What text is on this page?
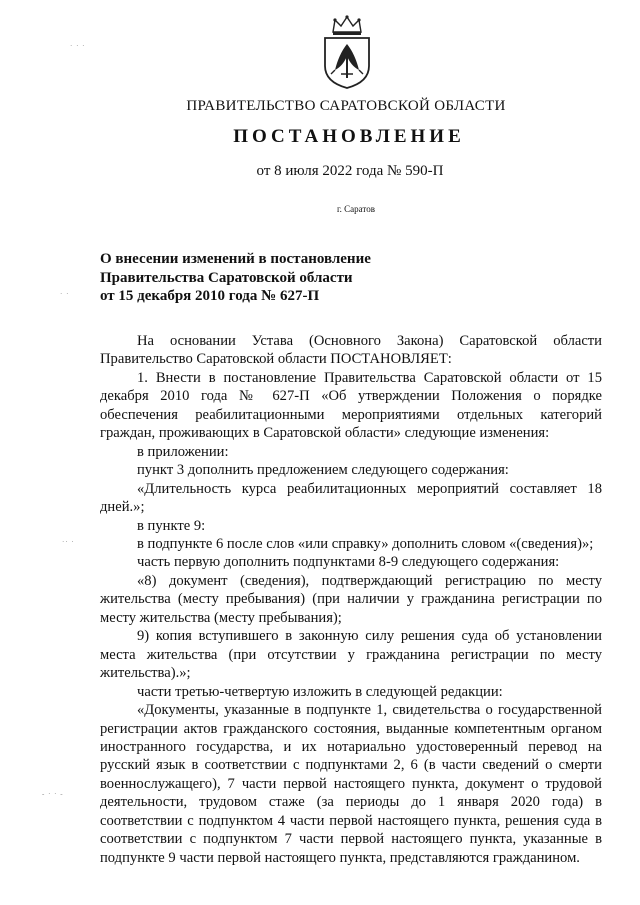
ПРАВИТЕЛЬСТВО САРАТОВСКОЙ ОБЛАСТИ
ПОСТАНОВЛЕНИЕ
от 8 июля 2022 года № 590-П
г. Саратов
О внесении изменений в постановление
Правительства Саратовской области
от 15 декабря 2010 года № 627-П

На основании Устава (Основного Закона) Саратовской области Правительство Саратовской области ПОСТАНОВЛЯЕТ:

1. Внести в постановление Правительства Саратовской области от 15 декабря 2010 года № 627-П «Об утверждении Положения о порядке обеспечения реабилитационными мероприятиями отдельных категорий граждан, проживающих в Саратовской области» следующие изменения:

в приложении:

пункт 3 дополнить предложением следующего содержания:

«Длительность курса реабилитационных мероприятий составляет 18 дней.»;

в пункте 9:

в подпункте 6 после слов «или справку» дополнить словом «(сведения)»;

часть первую дополнить подпунктами 8-9 следующего содержания:

«8) документ (сведения), подтверждающий регистрацию по месту жительства (месту пребывания) (при наличии у гражданина регистрации по месту жительства (месту пребывания);

9) копия вступившего в законную силу решения суда об установлении места жительства (при отсутствии у гражданина регистрации по месту жительства).»;

части третью-четвертую изложить в следующей редакции:

«Документы, указанные в подпункте 1, свидетельства о государственной регистрации актов гражданского состояния, выданные компетентным органом иностранного государства, и их нотариально удостоверенный перевод на русский язык в соответствии с подпунктами 2, 6 (в части сведений о смерти военнослужащего), 7 части первой настоящего пункта, документ о трудовой деятельности, трудовом стаже (за периоды до 1 января 2020 года) в соответствии с подпунктом 4 части первой настоящего пункта, решения суда в соответствии с подпунктом 7 части первой настоящего пункта, указанные в подпункте 9 части первой настоящего пункта, представляются гражданином.

· · ·
· ·
·· ·
- · · -
